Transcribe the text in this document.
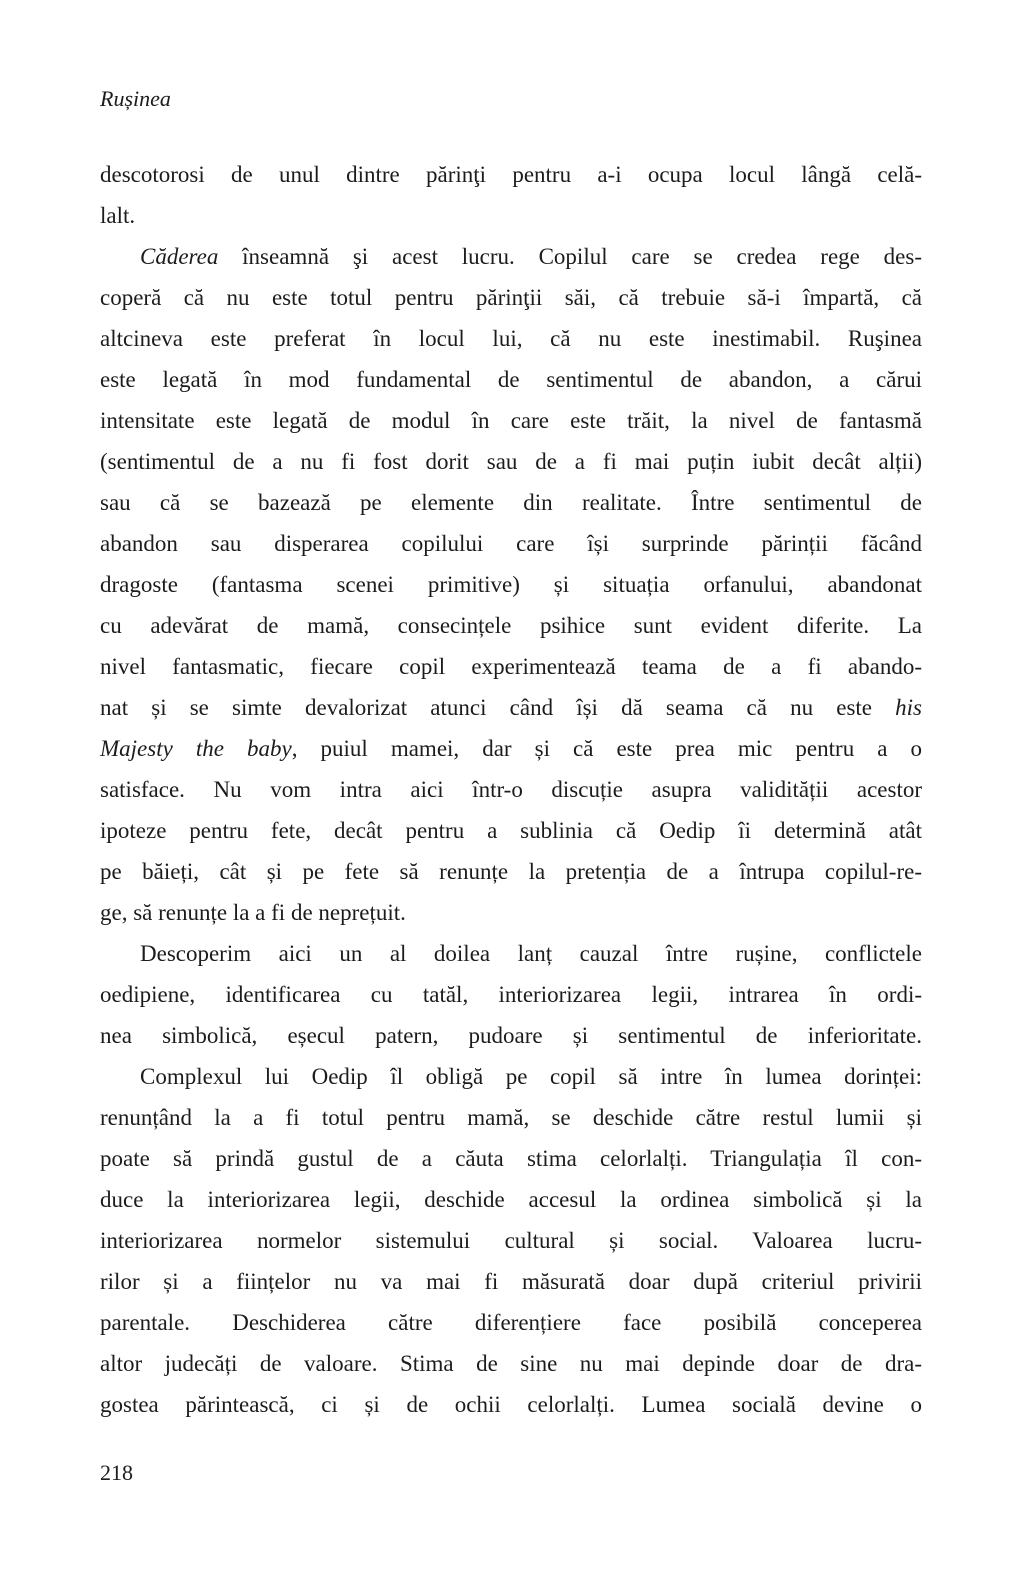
Rușinea
descotorosi de unul dintre părinţi pentru a-i ocupa locul lângă celă-
lalt.
Căderea înseamnă şi acest lucru. Copilul care se credea rege des-
coperă că nu este totul pentru părinţii săi, că trebuie să-i împartă, că
altcineva este preferat în locul lui, că nu este inestimabil. Ruşinea
este legată în mod fundamental de sentimentul de abandon, a cărui
intensitate este legată de modul în care este trăit, la nivel de fantasmă
(sentimentul de a nu fi fost dorit sau de a fi mai puțin iubit decât alții)
sau că se bazează pe elemente din realitate. Între sentimentul de
abandon sau disperarea copilului care își surprinde părinții făcând
dragoste (fantasma scenei primitive) și situația orfanului, abandonat
cu adevărat de mamă, consecințele psihice sunt evident diferite. La
nivel fantasmatic, fiecare copil experimentează teama de a fi abando-
nat și se simte devalorizat atunci când își dă seama că nu este his
Majesty the baby, puiul mamei, dar și că este prea mic pentru a o
satisface. Nu vom intra aici într-o discuție asupra validității acestor
ipoteze pentru fete, decât pentru a sublinia că Oedip îi determină atât
pe băieți, cât și pe fete să renunțe la pretenția de a întrupa copilul-re-
ge, să renunțe la a fi de neprețuit.
Descoperim aici un al doilea lanț cauzal între rușine, conflictele
oedipiene, identificarea cu tatăl, interiorizarea legii, intrarea în ordi-
nea simbolică, eșecul patern, pudoare și sentimentul de inferioritate.
Complexul lui Oedip îl obligă pe copil să intre în lumea dorinței:
renunțând la a fi totul pentru mamă, se deschide către restul lumii și
poate să prindă gustul de a căuta stima celorlalți. Triangulația îl con-
duce la interiorizarea legii, deschide accesul la ordinea simbolică și la
interiorizarea normelor sistemului cultural și social. Valoarea lucru-
rilor și a ființelor nu va mai fi măsurată doar după criteriul privirii
parentale. Deschiderea către diferențiere face posibilă conceperea
altor judecăți de valoare. Stima de sine nu mai depinde doar de dra-
gostea părintească, ci și de ochii celorlalți. Lumea socială devine o
218
